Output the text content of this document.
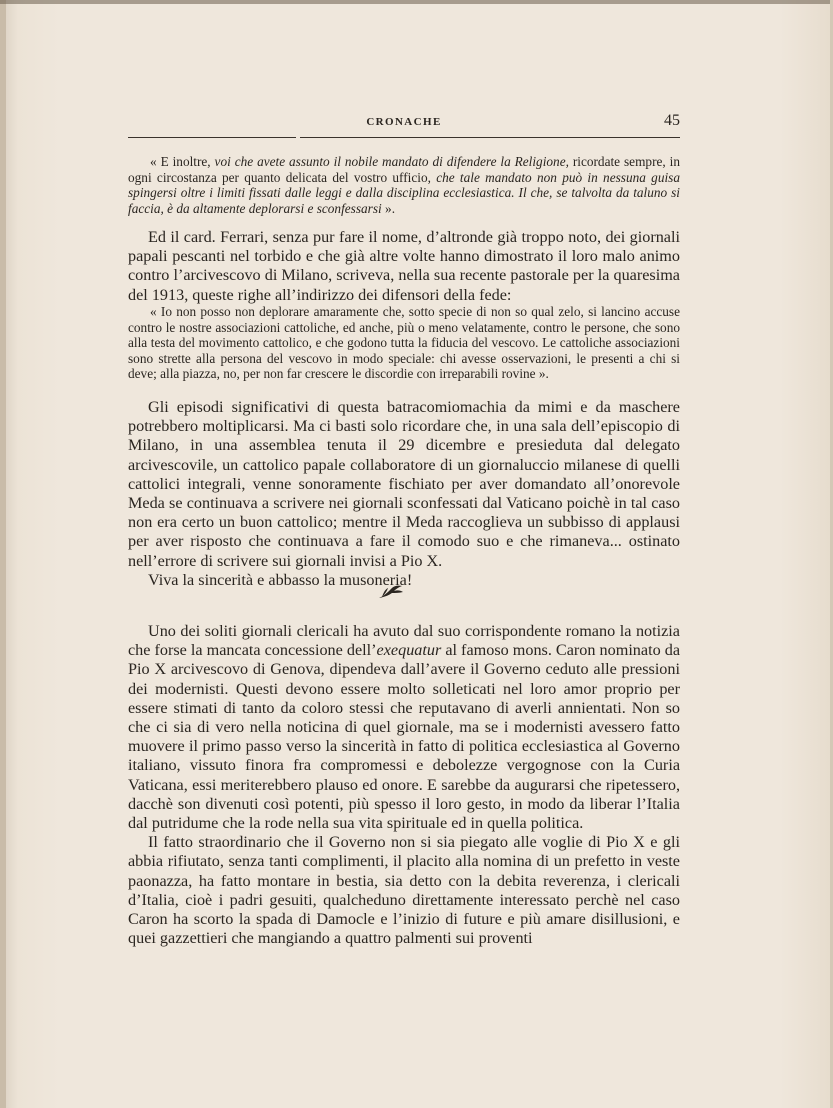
CRONACHE	45

« E inoltre, voi che avete assunto il nobile mandato di difendere la Religione, ricordate sempre, in ogni circostanza per quanto delicata del vostro ufficio, che tale mandato non può in nessuna guisa spingersi oltre i limiti fissati dalle leggi e dalla disciplina ecclesiastica. Il che, se talvolta da taluno si faccia, è da altamente deplorarsi e sconfessarsi ».

Ed il card. Ferrari, senza pur fare il nome, d’altronde già troppo noto, dei giornali papali pescanti nel torbido e che già altre volte hanno dimostrato il loro malo animo contro l’arcivescovo di Milano, scriveva, nella sua recente pastorale per la quaresima del 1913, queste righe all’indirizzo dei difensori della fede:

« Io non posso non deplorare amaramente che, sotto specie di non so qual zelo, si lancino accuse contro le nostre associazioni cattoliche, ed anche, più o meno velatamente, contro le persone, che sono alla testa del movimento cattolico, e che godono tutta la fiducia del vescovo. Le cattoliche associazioni sono strette alla persona del vescovo in modo speciale: chi avesse osservazioni, le presenti a chi si deve; alla piazza, no, per non far crescere le discordie con irreparabili rovine ».

Gli episodi significativi di questa batracomiomachia da mimi e da maschere potrebbero moltiplicarsi. Ma ci basti solo ricordare che, in una sala dell’episcopio di Milano, in una assemblea tenuta il 29 dicembre e presieduta dal delegato arcivescovile, un cattolico papale collaboratore di un giornaluccio milanese di quelli cattolici integrali, venne sonoramente fischiato per aver domandato all’onorevole Meda se continuava a scrivere nei giornali sconfessati dal Vaticano poichè in tal caso non era certo un buon cattolico; mentre il Meda raccoglieva un subbisso di applausi per aver risposto che continuava a fare il comodo suo e che rimaneva... ostinato nell’errore di scrivere sui giornali invisi a Pio X.

Viva la sincerità e abbasso la musoneria!

Uno dei soliti giornali clericali ha avuto dal suo corrispondente romano la notizia che forse la mancata concessione dell’exequatur al famoso mons. Caron nominato da Pio X arcivescovo di Genova, dipendeva dall’avere il Governo ceduto alle pressioni dei modernisti. Questi devono essere molto solleticati nel loro amor proprio per essere stimati di tanto da coloro stessi che reputavano di averli annientati. Non so che ci sia di vero nella noticina di quel giornale, ma se i modernisti avessero fatto muovere il primo passo verso la sincerità in fatto di politica ecclesiastica al Governo italiano, vissuto finora fra compromessi e debolezze vergognose con la Curia Vaticana, essi meriterebbero plauso ed onore. E sarebbe da augurarsi che ripetessero, dacchè son divenuti così potenti, più spesso il loro gesto, in modo da liberar l’Italia dal putridume che la rode nella sua vita spirituale ed in quella politica.

Il fatto straordinario che il Governo non si sia piegato alle voglie di Pio X e gli abbia rifiutato, senza tanti complimenti, il placito alla nomina di un prefetto in veste paonazza, ha fatto montare in bestia, sia detto con la debita reverenza, i clericali d’Italia, cioè i padri gesuiti, qualcheduno direttamente interessato perchè nel caso Caron ha scorto la spada di Damocle e l’inizio di future e più amare disillusioni, e quei gazzettieri che mangiando a quattro palmenti sui proventi
